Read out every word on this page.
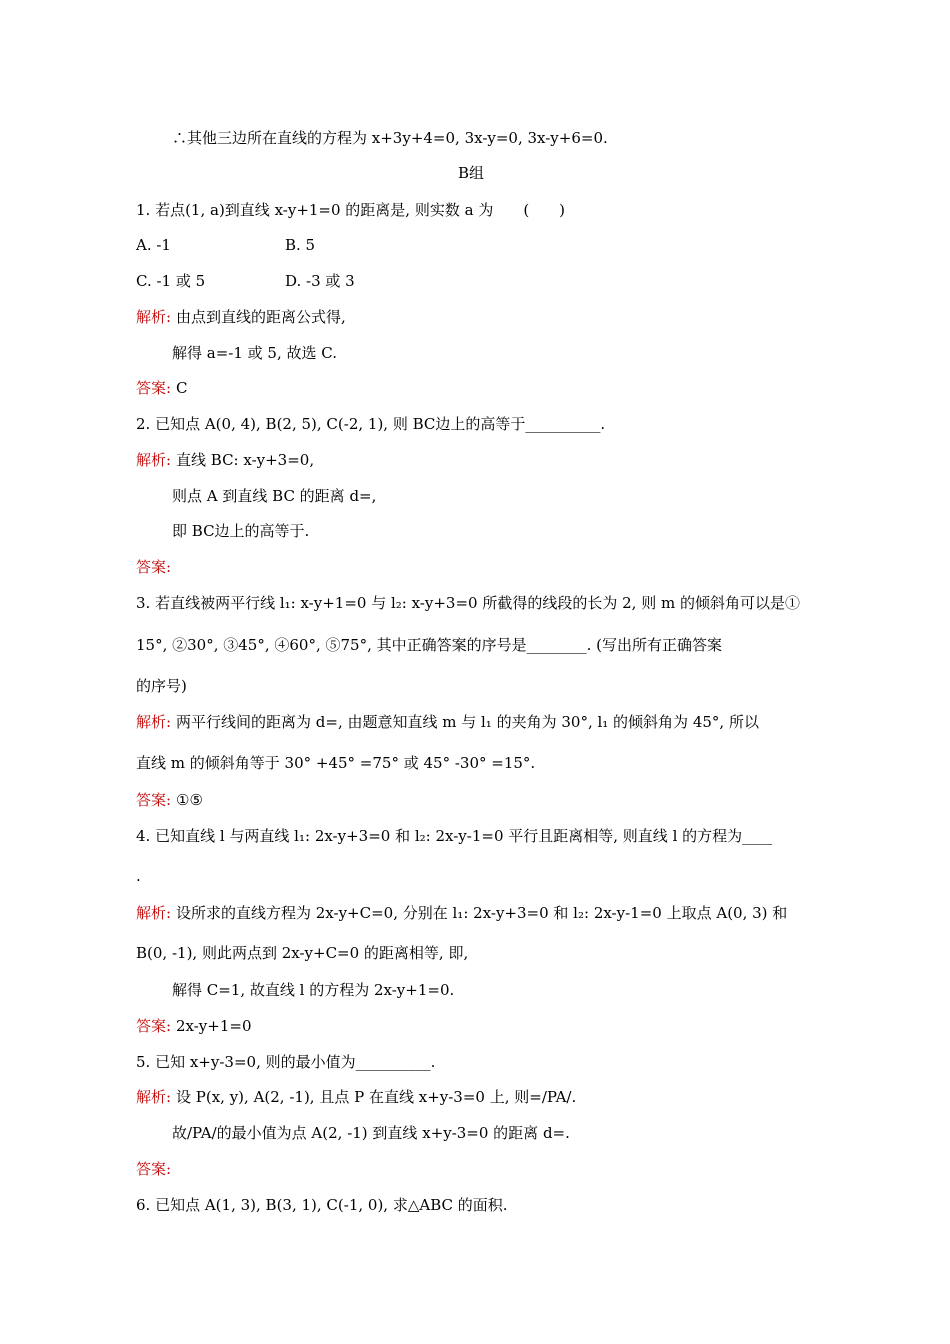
∴其他三边所在直线的方程为 x+3y+4=0, 3x-y=0, 3x-y+6=0.
B组
1. 若点(1, a)到直线 x-y+1=0 的距离是, 则实数 a 为　　(　　)
A. -1	B. 5
C. -1 或 5	D. -3 或 3
解析: 由点到直线的距离公式得,
解得 a=-1 或 5, 故选 C.
答案: C
2. 已知点 A(0, 4), B(2, 5), C(-2, 1), 则 BC边上的高等于__________.
解析: 直线 BC: x-y+3=0,
则点 A 到直线 BC 的距离 d=,
即 BC边上的高等于.
答案:
3. 若直线被两平行线 l₁: x-y+1=0 与 l₂: x-y+3=0 所截得的线段的长为 2, 则 m 的倾斜角可以是①
15°, ②30°, ③45°, ④60°, ⑤75°, 其中正确答案的序号是________. (写出所有正确答案
的序号)
解析: 两平行线间的距离为 d=, 由题意知直线 m 与 l₁ 的夹角为 30°, l₁ 的倾斜角为 45°, 所以
直线 m 的倾斜角等于 30° +45° =75° 或 45° -30° =15°.
答案: ①⑤
4. 已知直线 l 与两直线 l₁: 2x-y+3=0 和 l₂: 2x-y-1=0 平行且距离相等, 则直线 l 的方程为____
.
解析: 设所求的直线方程为 2x-y+C=0, 分别在 l₁: 2x-y+3=0 和 l₂: 2x-y-1=0 上取点 A(0, 3) 和
B(0, -1), 则此两点到 2x-y+C=0 的距离相等, 即,
解得 C=1, 故直线 l 的方程为 2x-y+1=0.
答案: 2x-y+1=0
5. 已知 x+y-3=0, 则的最小值为__________.
解析: 设 P(x, y), A(2, -1), 且点 P 在直线 x+y-3=0 上, 则=/PA/.
故/PA/的最小值为点 A(2, -1) 到直线 x+y-3=0 的距离 d=.
答案:
6. 已知点 A(1, 3), B(3, 1), C(-1, 0), 求△ABC 的面积.
